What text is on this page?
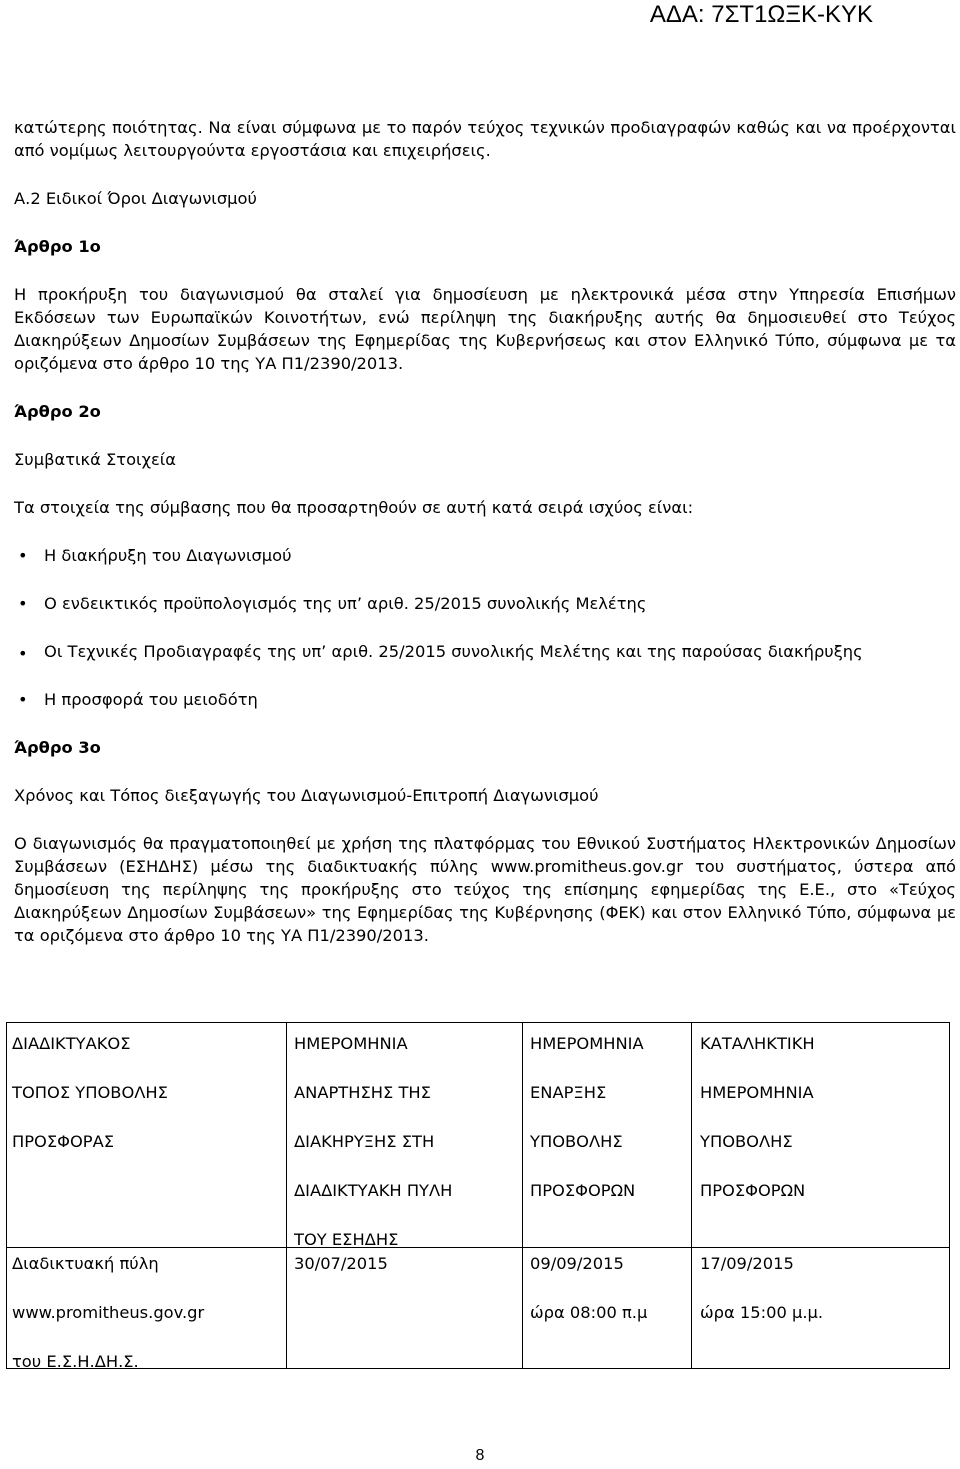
ΑΔΑ: 7ΣΤ1ΩΞΚ-ΚΥΚ

κατώτερης ποιότητας. Να είναι σύμφωνα με το παρόν τεύχος τεχνικών προδιαγραφών καθώς και να προέρχονται από νομίμως λειτουργούντα εργοστάσια και επιχειρήσεις.

Α.2 Ειδικοί Όροι Διαγωνισμού

Άρθρο 1ο

Η προκήρυξη του διαγωνισμού θα σταλεί για δημοσίευση με ηλεκτρονικά μέσα στην Υπηρεσία Επισήμων Εκδόσεων των Ευρωπαϊκών Κοινοτήτων, ενώ περίληψη της διακήρυξης αυτής θα δημοσιευθεί στο Τεύχος Διακηρύξεων Δημοσίων Συμβάσεων της Εφημερίδας της Κυβερνήσεως και στον Ελληνικό Τύπο, σύμφωνα με τα οριζόμενα στο άρθρο 10 της ΥΑ Π1/2390/2013.

Άρθρο 2ο

Συμβατικά Στοιχεία

Τα στοιχεία της σύμβασης που θα προσαρτηθούν σε αυτή κατά σειρά ισχύος είναι:

• Η διακήρυξη του Διαγωνισμού

• Ο ενδεικτικός προϋπολογισμός της υπ’ αριθ. 25/2015 συνολικής Μελέτης

• Οι Τεχνικές Προδιαγραφές της υπ’ αριθ. 25/2015 συνολικής Μελέτης και της παρούσας διακήρυξης

• Η προσφορά του μειοδότη

Άρθρο 3ο

Χρόνος και Τόπος διεξαγωγής του Διαγωνισμού-Επιτροπή Διαγωνισμού

Ο διαγωνισμός θα πραγματοποιηθεί με χρήση της πλατφόρμας του Εθνικού Συστήματος Ηλεκτρονικών Δημοσίων Συμβάσεων (ΕΣΗΔΗΣ) μέσω της διαδικτυακής πύλης www.promitheus.gov.gr του συστήματος, ύστερα από δημοσίευση της περίληψης της προκήρυξης στο τεύχος της επίσημης εφημερίδας της Ε.Ε., στο «Τεύχος Διακηρύξεων Δημοσίων Συμβάσεων» της Εφημερίδας της Κυβέρνησης (ΦΕΚ) και στον Ελληνικό Τύπο, σύμφωνα με τα οριζόμενα στο άρθρο 10 της ΥΑ Π1/2390/2013.

ΔΙΑΔΙΚΤΥΑΚΟΣ
ΤΟΠΟΣ ΥΠΟΒΟΛΗΣ
ΠΡΟΣΦΟΡΑΣ
ΗΜΕΡΟΜΗΝΙΑ
ΑΝΑΡΤΗΣΗΣ ΤΗΣ
ΔΙΑΚΗΡΥΞΗΣ ΣΤΗ
ΔΙΑΔΙΚΤΥΑΚΗ ΠΥΛΗ
ΤΟΥ ΕΣΗΔΗΣ
ΗΜΕΡΟΜΗΝΙΑ
ΕΝΑΡΞΗΣ
ΥΠΟΒΟΛΗΣ
ΠΡΟΣΦΟΡΩΝ
ΚΑΤΑΛΗΚΤΙΚΗ
ΗΜΕΡΟΜΗΝΙΑ
ΥΠΟΒΟΛΗΣ
ΠΡΟΣΦΟΡΩΝ
Διαδικτυακή πύλη
www.promitheus.gov.gr
του Ε.Σ.Η.ΔΗ.Σ.
30/07/2015	09/09/2015
ώρα 08:00 π.μ
17/09/2015
ώρα 15:00 μ.μ.
8
